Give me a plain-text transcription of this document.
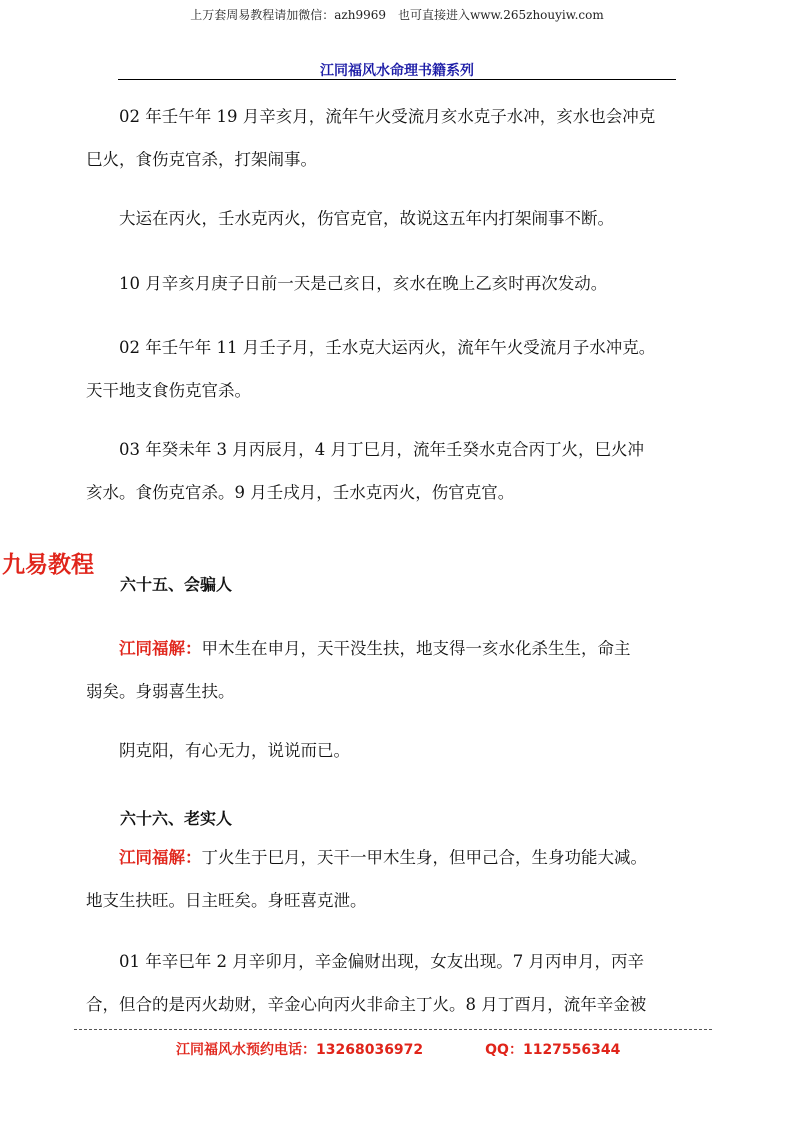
上万套周易教程请加微信：azh9969　也可直接进入www.265zhouyiw.com
江同福风水命理书籍系列
02 年壬午年 19 月辛亥月，流年午火受流月亥水克子水冲，亥水也会冲克
巳火，食伤克官杀，打架闹事。
大运在丙火，壬水克丙火，伤官克官，故说这五年内打架闹事不断。
10 月辛亥月庚子日前一天是己亥日，亥水在晚上乙亥时再次发动。
02 年壬午年 11 月壬子月，壬水克大运丙火，流年午火受流月子水冲克。
天干地支食伤克官杀。
03 年癸未年 3 月丙辰月，4 月丁巳月，流年壬癸水克合丙丁火，巳火冲
亥水。食伤克官杀。9 月壬戌月，壬水克丙火，伤官克官。
九易教程
六十五、会骗人
江同福解：甲木生在申月，天干没生扶，地支得一亥水化杀生生，命主
弱矣。身弱喜生扶。
阴克阳，有心无力，说说而已。
六十六、老实人
江同福解：丁火生于巳月，天干一甲木生身，但甲己合，生身功能大减。
地支生扶旺。日主旺矣。身旺喜克泄。
01 年辛巳年 2 月辛卯月，辛金偏财出现，女友出现。7 月丙申月，丙辛
合，但合的是丙火劫财，辛金心向丙火非命主丁火。8 月丁酉月，流年辛金被
江同福风水预约电话：13268036972	QQ：1127556344
